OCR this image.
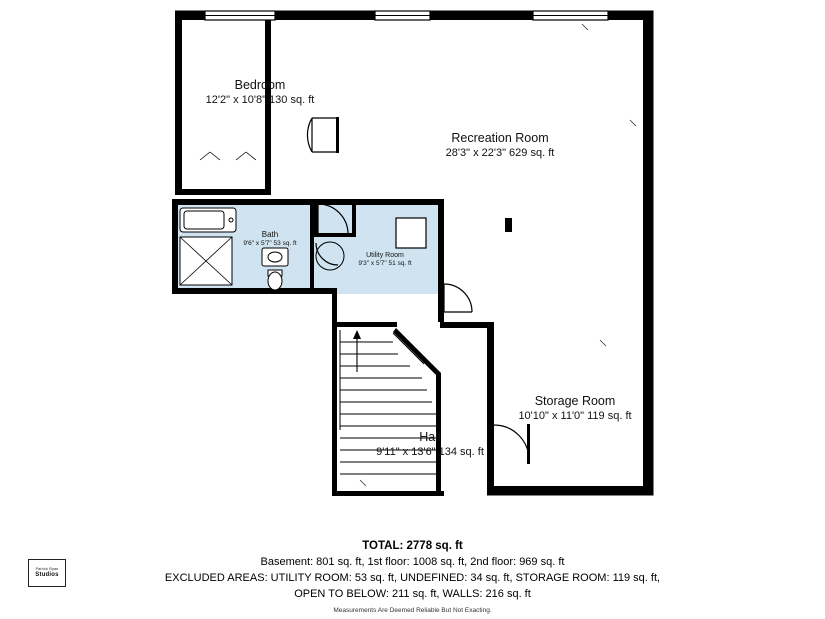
Bedroom
12'2" x 10'8" 130 sq. ft
Recreation Room
28'3" x 22'3" 629 sq. ft
Bath
9'6" x 5'7" 53 sq. ft
Utility Room
9'3" x 5'7" 51 sq. ft
Storage Room
10'10" x 11'0" 119 sq. ft
Hall
9'11" x 13'6" 134 sq. ft
TOTAL: 2778 sq. ft
Basement: 801 sq. ft, 1st floor: 1008 sq. ft, 2nd floor: 969 sq. ft
EXCLUDED AREAS: UTILITY ROOM: 53 sq. ft, UNDEFINED: 34 sq. ft, STORAGE ROOM: 119 sq. ft,
OPEN TO BELOW: 211 sq. ft, WALLS: 216 sq. ft
Measurements Are Deemed Reliable But Not Exacting.
Patrick Ryan
Studios
